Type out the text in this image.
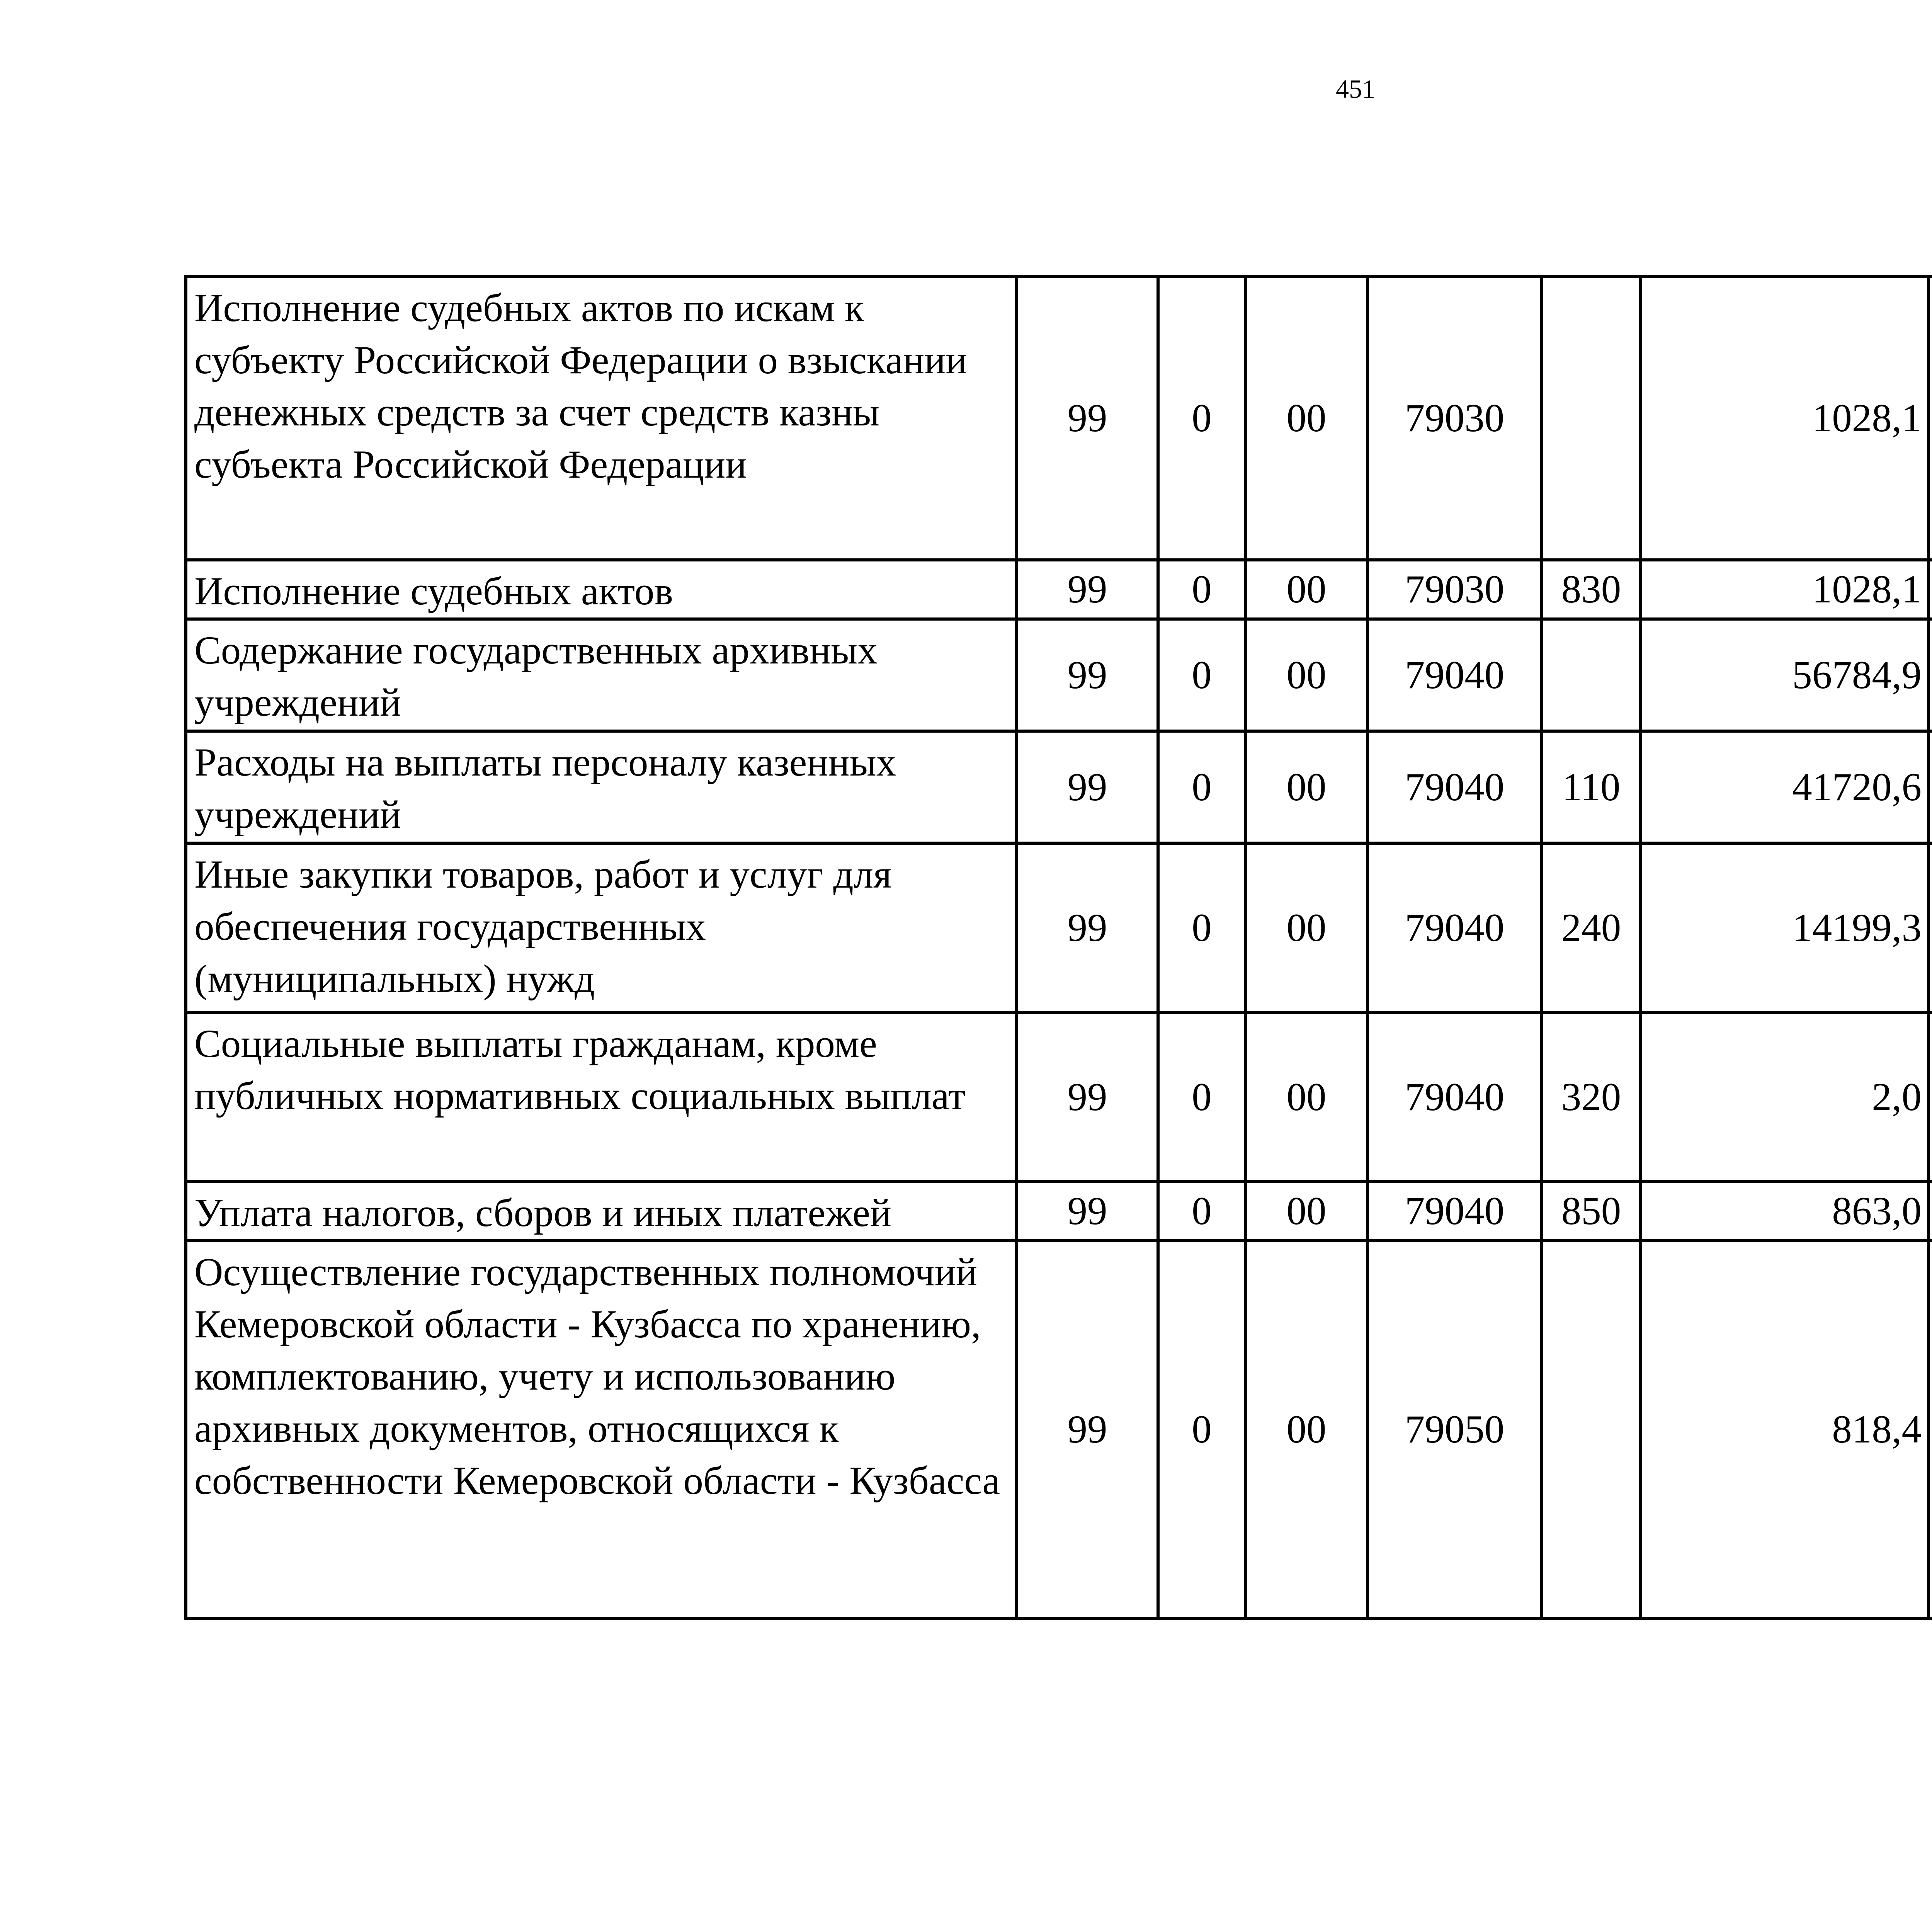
451
Исполнение судебных актов по искам к субъекту Российской Федерации о взыскании денежных средств за счет средств казны субъекта Российской Федерации	99	0	00	79030		1028,1		
Исполнение судебных актов	99	0	00	79030	830	1028,1		
Содержание государственных архивных учреждений	99	0	00	79040		56784,9		
Расходы на выплаты персоналу казенных учреждений	99	0	00	79040	110	41720,6		
Иные закупки товаров, работ и услуг для обеспечения государственных (муниципальных) нужд	99	0	00	79040	240	14199,3		
Социальные выплаты гражданам, кроме публичных нормативных социальных выплат	99	0	00	79040	320	2,0		
Уплата налогов, сборов и иных платежей	99	0	00	79040	850	863,0		
Осуществление государственных полномочий Кемеровской области - Кузбасса по хранению, комплектованию, учету и использованию архивных документов, относящихся к собственности Кемеровской области - Кузбасса	99	0	00	79050		818,4		
